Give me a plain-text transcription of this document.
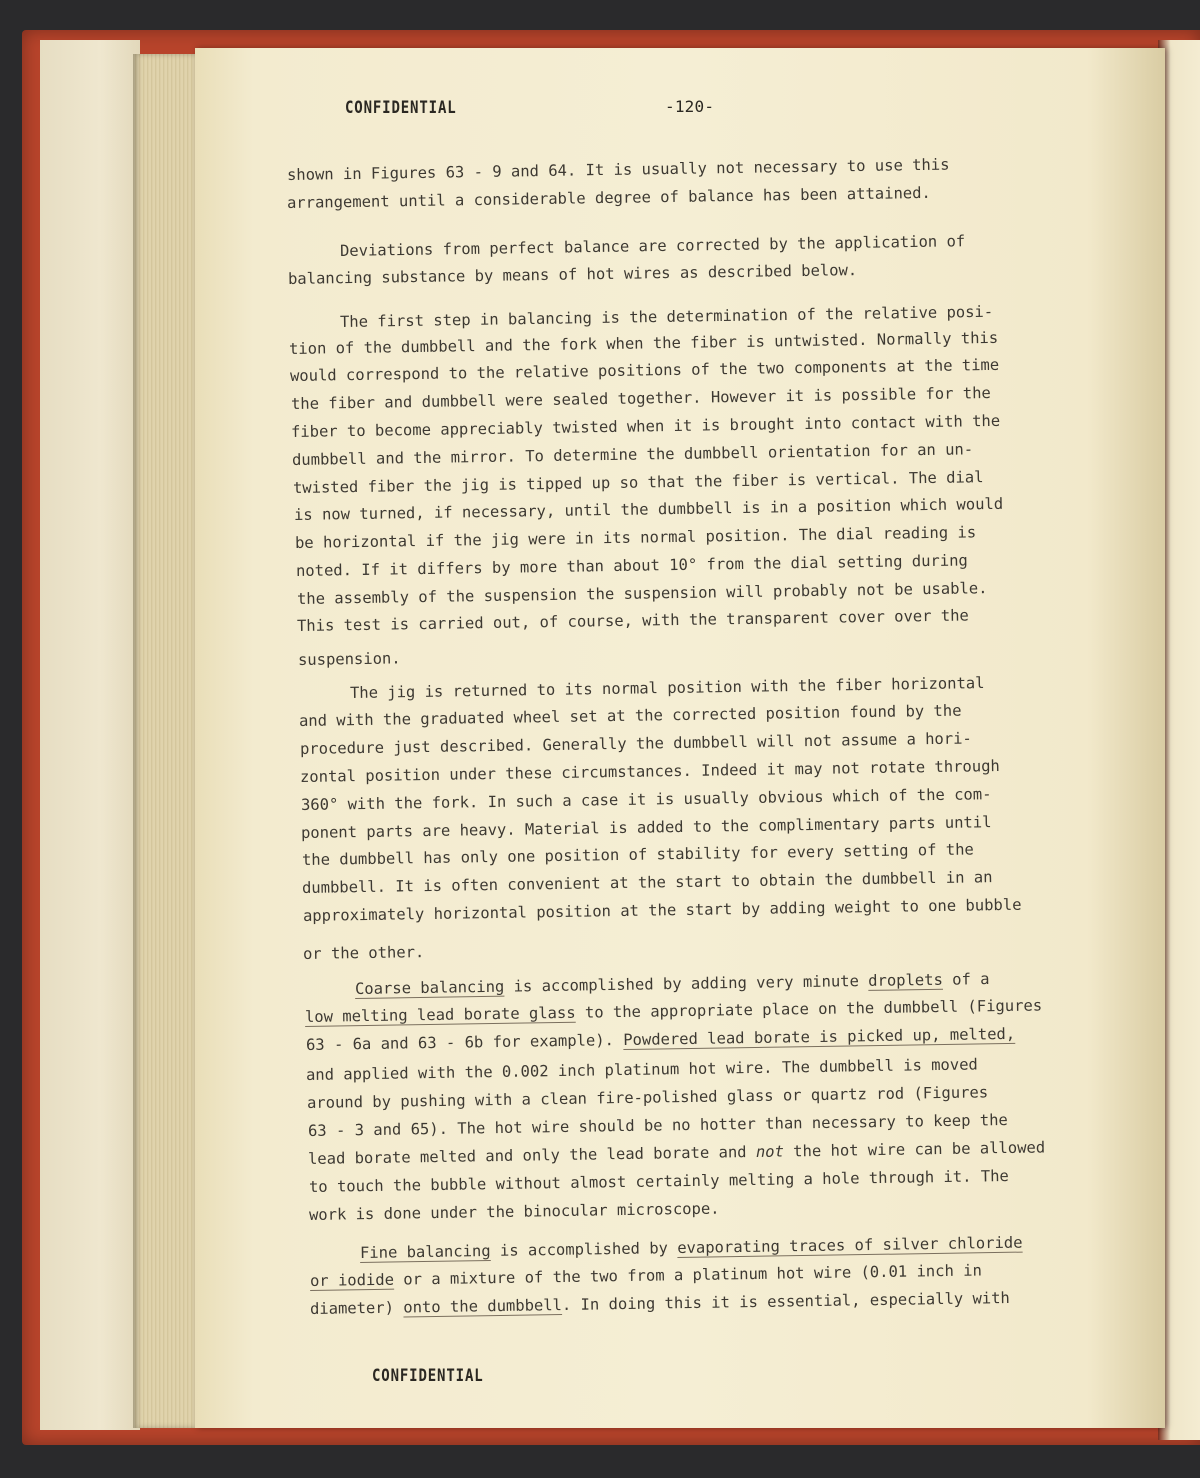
CONFIDENTIAL	-120-
shown in Figures 63 - 9 and 64. It is usually not necessary to use this
arrangement until a considerable degree of balance has been attained.
Deviations from perfect balance are corrected by the application of
balancing substance by means of hot wires as described below.
The first step in balancing is the determination of the relative posi-
tion of the dumbbell and the fork when the fiber is untwisted. Normally this
would correspond to the relative positions of the two components at the time
the fiber and dumbbell were sealed together. However it is possible for the
fiber to become appreciably twisted when it is brought into contact with the
dumbbell and the mirror. To determine the dumbbell orientation for an un-
twisted fiber the jig is tipped up so that the fiber is vertical. The dial
is now turned, if necessary, until the dumbbell is in a position which would
be horizontal if the jig were in its normal position. The dial reading is
noted. If it differs by more than about 10° from the dial setting during
the assembly of the suspension the suspension will probably not be usable.
This test is carried out, of course, with the transparent cover over the
suspension.
The jig is returned to its normal position with the fiber horizontal
and with the graduated wheel set at the corrected position found by the
procedure just described. Generally the dumbbell will not assume a hori-
zontal position under these circumstances. Indeed it may not rotate through
360° with the fork. In such a case it is usually obvious which of the com-
ponent parts are heavy. Material is added to the complimentary parts until
the dumbbell has only one position of stability for every setting of the
dumbbell. It is often convenient at the start to obtain the dumbbell in an
approximately horizontal position at the start by adding weight to one bubble
or the other.
Coarse balancing is accomplished by adding very minute droplets of a
low melting lead borate glass to the appropriate place on the dumbbell (Figures
63 - 6a and 63 - 6b for example). Powdered lead borate is picked up, melted,
and applied with the 0.002 inch platinum hot wire. The dumbbell is moved
around by pushing with a clean fire-polished glass or quartz rod (Figures
63 - 3 and 65). The hot wire should be no hotter than necessary to keep the
lead borate melted and only the lead borate and not the hot wire can be allowed
to touch the bubble without almost certainly melting a hole through it. The
work is done under the binocular microscope.
Fine balancing is accomplished by evaporating traces of silver chloride
or iodide or a mixture of the two from a platinum hot wire (0.01 inch in
diameter) onto the dumbbell. In doing this it is essential, especially with
CONFIDENTIAL
